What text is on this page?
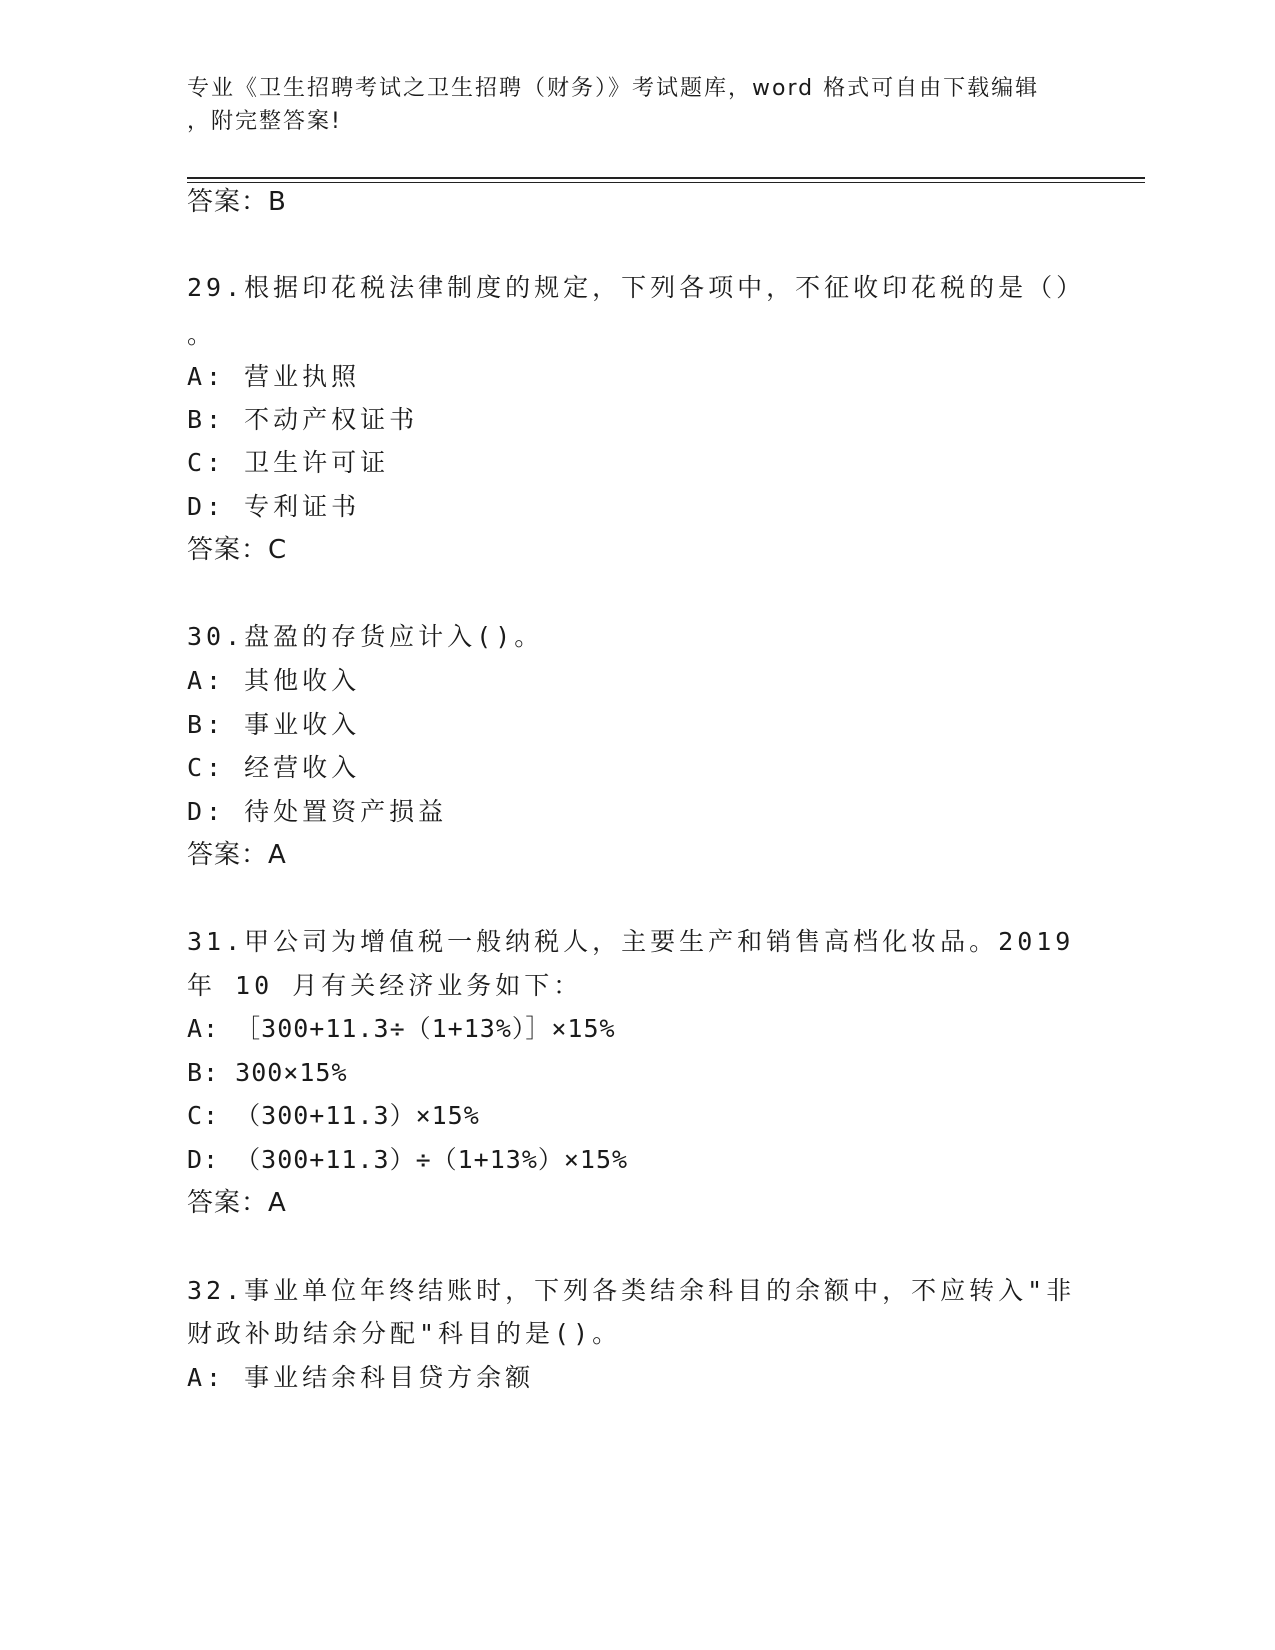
专业《卫生招聘考试之卫生招聘（财务）》考试题库，word 格式可自由下载编辑
，附完整答案!
答案：B
29.根据印花税法律制度的规定，下列各项中，不征收印花税的是（）
。
A: 营业执照
B: 不动产权证书
C: 卫生许可证
D: 专利证书
答案：C
30.盘盈的存货应计入()。
A: 其他收入
B: 事业收入
C: 经营收入
D: 待处置资产损益
答案：A
31.甲公司为增值税一般纳税人，主要生产和销售高档化妆品。2019
年 10 月有关经济业务如下：
A: ［300+11.3÷（1+13%）］×15%
B: 300×15%
C: （300+11.3）×15%
D: （300+11.3）÷（1+13%）×15%
答案：A
32.事业单位年终结账时，下列各类结余科目的余额中，不应转入"非
财政补助结余分配"科目的是()。
A: 事业结余科目贷方余额
